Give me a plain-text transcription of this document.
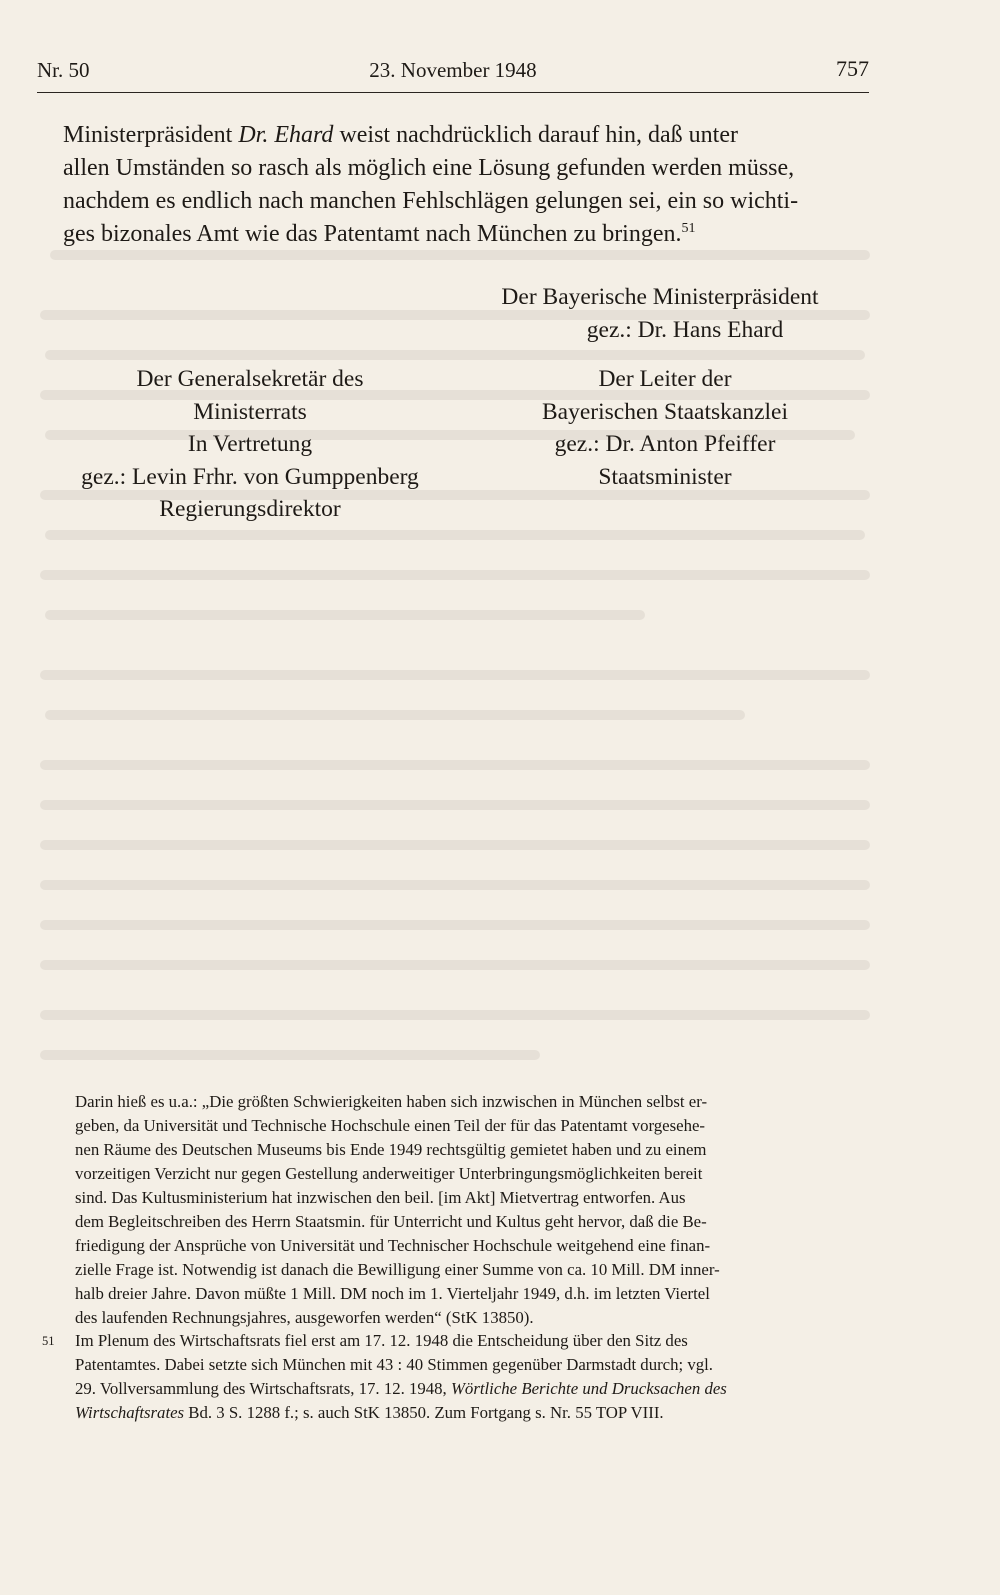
Nr. 50	23. November 1948	757
Ministerpräsident Dr. Ehard weist nachdrücklich darauf hin, daß unter
allen Umständen so rasch als möglich eine Lösung gefunden werden müsse,
nachdem es endlich nach manchen Fehlschlägen gelungen sei, ein so wichti-
ges bizonales Amt wie das Patentamt nach München zu bringen.$^{51}$
Der Bayerische Ministerpräsident
gez.: Dr. Hans Ehard
Der Generalsekretär des
Ministerrats
In Vertretung
gez.: Levin Frhr. von Gumppenberg
Regierungsdirektor
Der Leiter der
Bayerischen Staatskanzlei
gez.: Dr. Anton Pfeiffer
Staatsminister

Darin hieß es u.a.: „Die größten Schwierigkeiten haben sich inzwischen in München selbst er-

geben, da Universität und Technische Hochschule einen Teil der für das Patentamt vorgesehe-

nen Räume des Deutschen Museums bis Ende 1949 rechtsgültig gemietet haben und zu einem

vorzeitigen Verzicht nur gegen Gestellung anderweitiger Unterbringungsmöglichkeiten bereit

sind. Das Kultusministerium hat inzwischen den beil. [im Akt] Mietvertrag entworfen. Aus

dem Begleitschreiben des Herrn Staatsmin. für Unterricht und Kultus geht hervor, daß die Be-

friedigung der Ansprüche von Universität und Technischer Hochschule weitgehend eine finan-

zielle Frage ist. Notwendig ist danach die Bewilligung einer Summe von ca. 10 Mill. DM inner-

halb dreier Jahre. Davon müßte 1 Mill. DM noch im 1. Vierteljahr 1949, d.h. im letzten Viertel

des laufenden Rechnungsjahres, ausgeworfen werden“ (StK 13850).

51 Im Plenum des Wirtschaftsrats fiel erst am 17. 12. 1948 die Entscheidung über den Sitz des
Patentamtes. Dabei setzte sich München mit 43 : 40 Stimmen gegenüber Darmstadt durch; vgl.
29. Vollversammlung des Wirtschaftsrats, 17. 12. 1948, Wörtliche Berichte und Drucksachen des
Wirtschaftsrates Bd. 3 S. 1288 f.; s. auch StK 13850. Zum Fortgang s. Nr. 55 TOP VIII.
